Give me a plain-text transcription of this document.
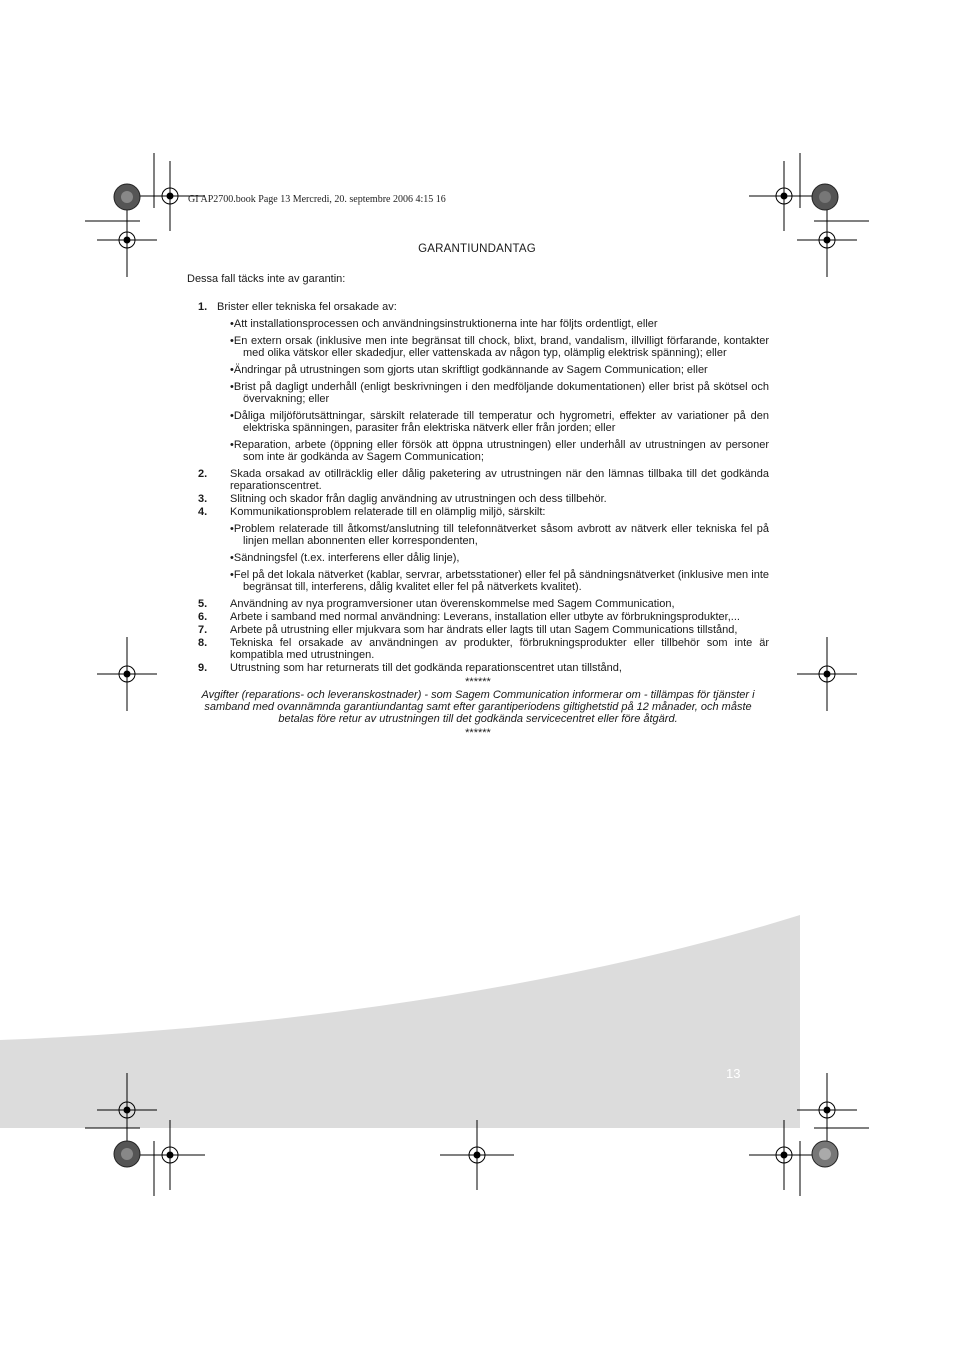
GI AP2700.book Page 13 Mercredi, 20. septembre 2006 4:15 16
GARANTIUNDANTAG
Dessa fall täcks inte av garantin:
1. Brister eller tekniska fel orsakade av:
•Att installationsprocessen och användningsinstruktionerna inte har följts ordentligt, eller
•En extern orsak (inklusive men inte begränsat till chock, blixt, brand, vandalism, illvilligt förfarande, kontakter med olika vätskor eller skadedjur, eller vattenskada av någon typ, olämplig elektrisk spänning); eller
•Ändringar på utrustningen som gjorts utan skriftligt godkännande av Sagem Communication; eller
•Brist på dagligt underhåll (enligt beskrivningen i den medföljande dokumentationen) eller brist på skötsel och övervakning; eller
•Dåliga miljöförutsättningar, särskilt relaterade till temperatur och hygrometri, effekter av variationer på den elektriska spänningen, parasiter från elektriska nätverk eller från jorden; eller
•Reparation, arbete (öppning eller försök att öppna utrustningen) eller underhåll av utrustningen av personer som inte är godkända av Sagem Communication;
2.	Skada orsakad av otillräcklig eller dålig paketering av utrustningen när den lämnas tillbaka till det godkända reparationscentret.
3.	Slitning och skador från daglig användning av utrustningen och dess tillbehör.
4.	Kommunikationsproblem relaterade till en olämplig miljö, särskilt:
•Problem relaterade till åtkomst/anslutning till telefonnätverket såsom avbrott av nätverk eller tekniska fel på linjen mellan abonnenten eller korrespondenten,
•Sändningsfel (t.ex. interferens eller dålig linje),
•Fel på det lokala nätverket (kablar, servrar, arbetsstationer) eller fel på sändningsnätverket (inklusive men inte begränsat till, interferens, dålig kvalitet eller fel på nätverkets kvalitet).
5.	Användning av nya programversioner utan överenskommelse med Sagem Communication,
6.	Arbete i samband med normal användning: Leverans, installation eller utbyte av förbrukningsprodukter,...
7.	Arbete på utrustning eller mjukvara som har ändrats eller lagts till utan Sagem Communications tillstånd,
8.	Tekniska fel orsakade av användningen av produkter, förbrukningsprodukter eller tillbehör som inte är kompatibla med utrustningen.
9.	Utrustning som har returnerats till det godkända reparationscentret utan tillstånd,
******
Avgifter (reparations- och leveranskostnader) - som Sagem Communication informerar om - tillämpas för tjänster i samband med ovannämnda garantiundantag samt efter garantiperiodens giltighetstid på 12 månader, och måste betalas före retur av utrustningen till det godkända servicecentret eller före åtgärd.
******
13
